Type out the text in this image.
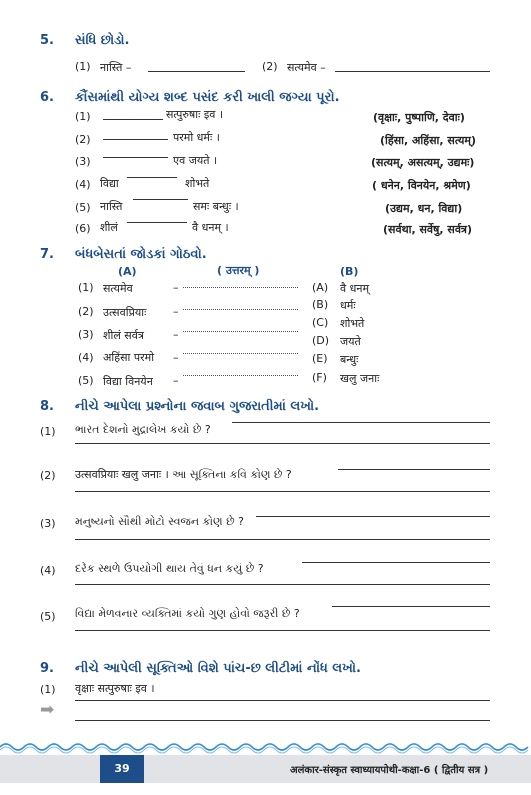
5. સંધિ છોડો.
(1) नास्ति –	(2) सत्यमेव –
6. કૌંસમાંથી યોગ્ય શબ્દ પસંદ કરી ખાલી જગ્યા પૂરો.
(1)	सत्पुरुषाः इव ।	(वृक्षाः, पुष्पाणि, देवाः)
(2)	परमो धर्मः ।	(हिंसा, अहिंसा, सत्यम्)
(3)	एव जयते ।	(सत्यम्, असत्यम्, उद्यमः)
(4) विद्या	शोभते	( धनेन, विनयेन, श्रमेण)
(5) नास्ति	समः बन्धुः ।	(उद्यम, धन, विद्या)
(6) शीलं	वै धनम् ।	(सर्वथा, सर्वेषु, सर्वत्र)
7. બંધબેસતાં જોડકાં ગોઠવો.
(A)	( उत्तरम् )	(B)
(1) सत्यमेव	–
(2) उत्सवप्रियाः –
(3) शीलं सर्वत्र	–
(4) अहिंसा परमो –
(5) विद्या विनयेन –
(A) वै धनम्
(B) धर्मः
(C) शोभते
(D) जयते
(E) बन्धुः
(F) खलु जनाः
8. નીચે આપેલા પ્રશ્નોના જવાબ ગુજરાતીમાં લખો.
(1) ભારત દેશનો મુદ્રાલેખ કયો છે ?
(2) उत्सवप्रियाः खलु जनाः । આ સૂક્તિના કવિ કોણ છે ?
(3) મનુષ્યનો સૌથી મોટો સ્વજન કોણ છે ?
(4) દરેક સ્થળે ઉપયોગી થાય તેવું ધન કયું છે ?
(5) વિદ્યા મેળવનાર વ્યક્તિમાં કયો ગુણ હોવો જરૂરી છે ?
9. નીચે આપેલી સૂક્તિઓ વિશે પાંચ-છ લીટીમાં નોંધ લખો.
(1) वृक्षाः सत्पुरुषाः इव ।
➡
39	अलंकार-संस्कृत स्वाध्यायपोथी-कक्षा-6 ( द्वितीय सत्र )
